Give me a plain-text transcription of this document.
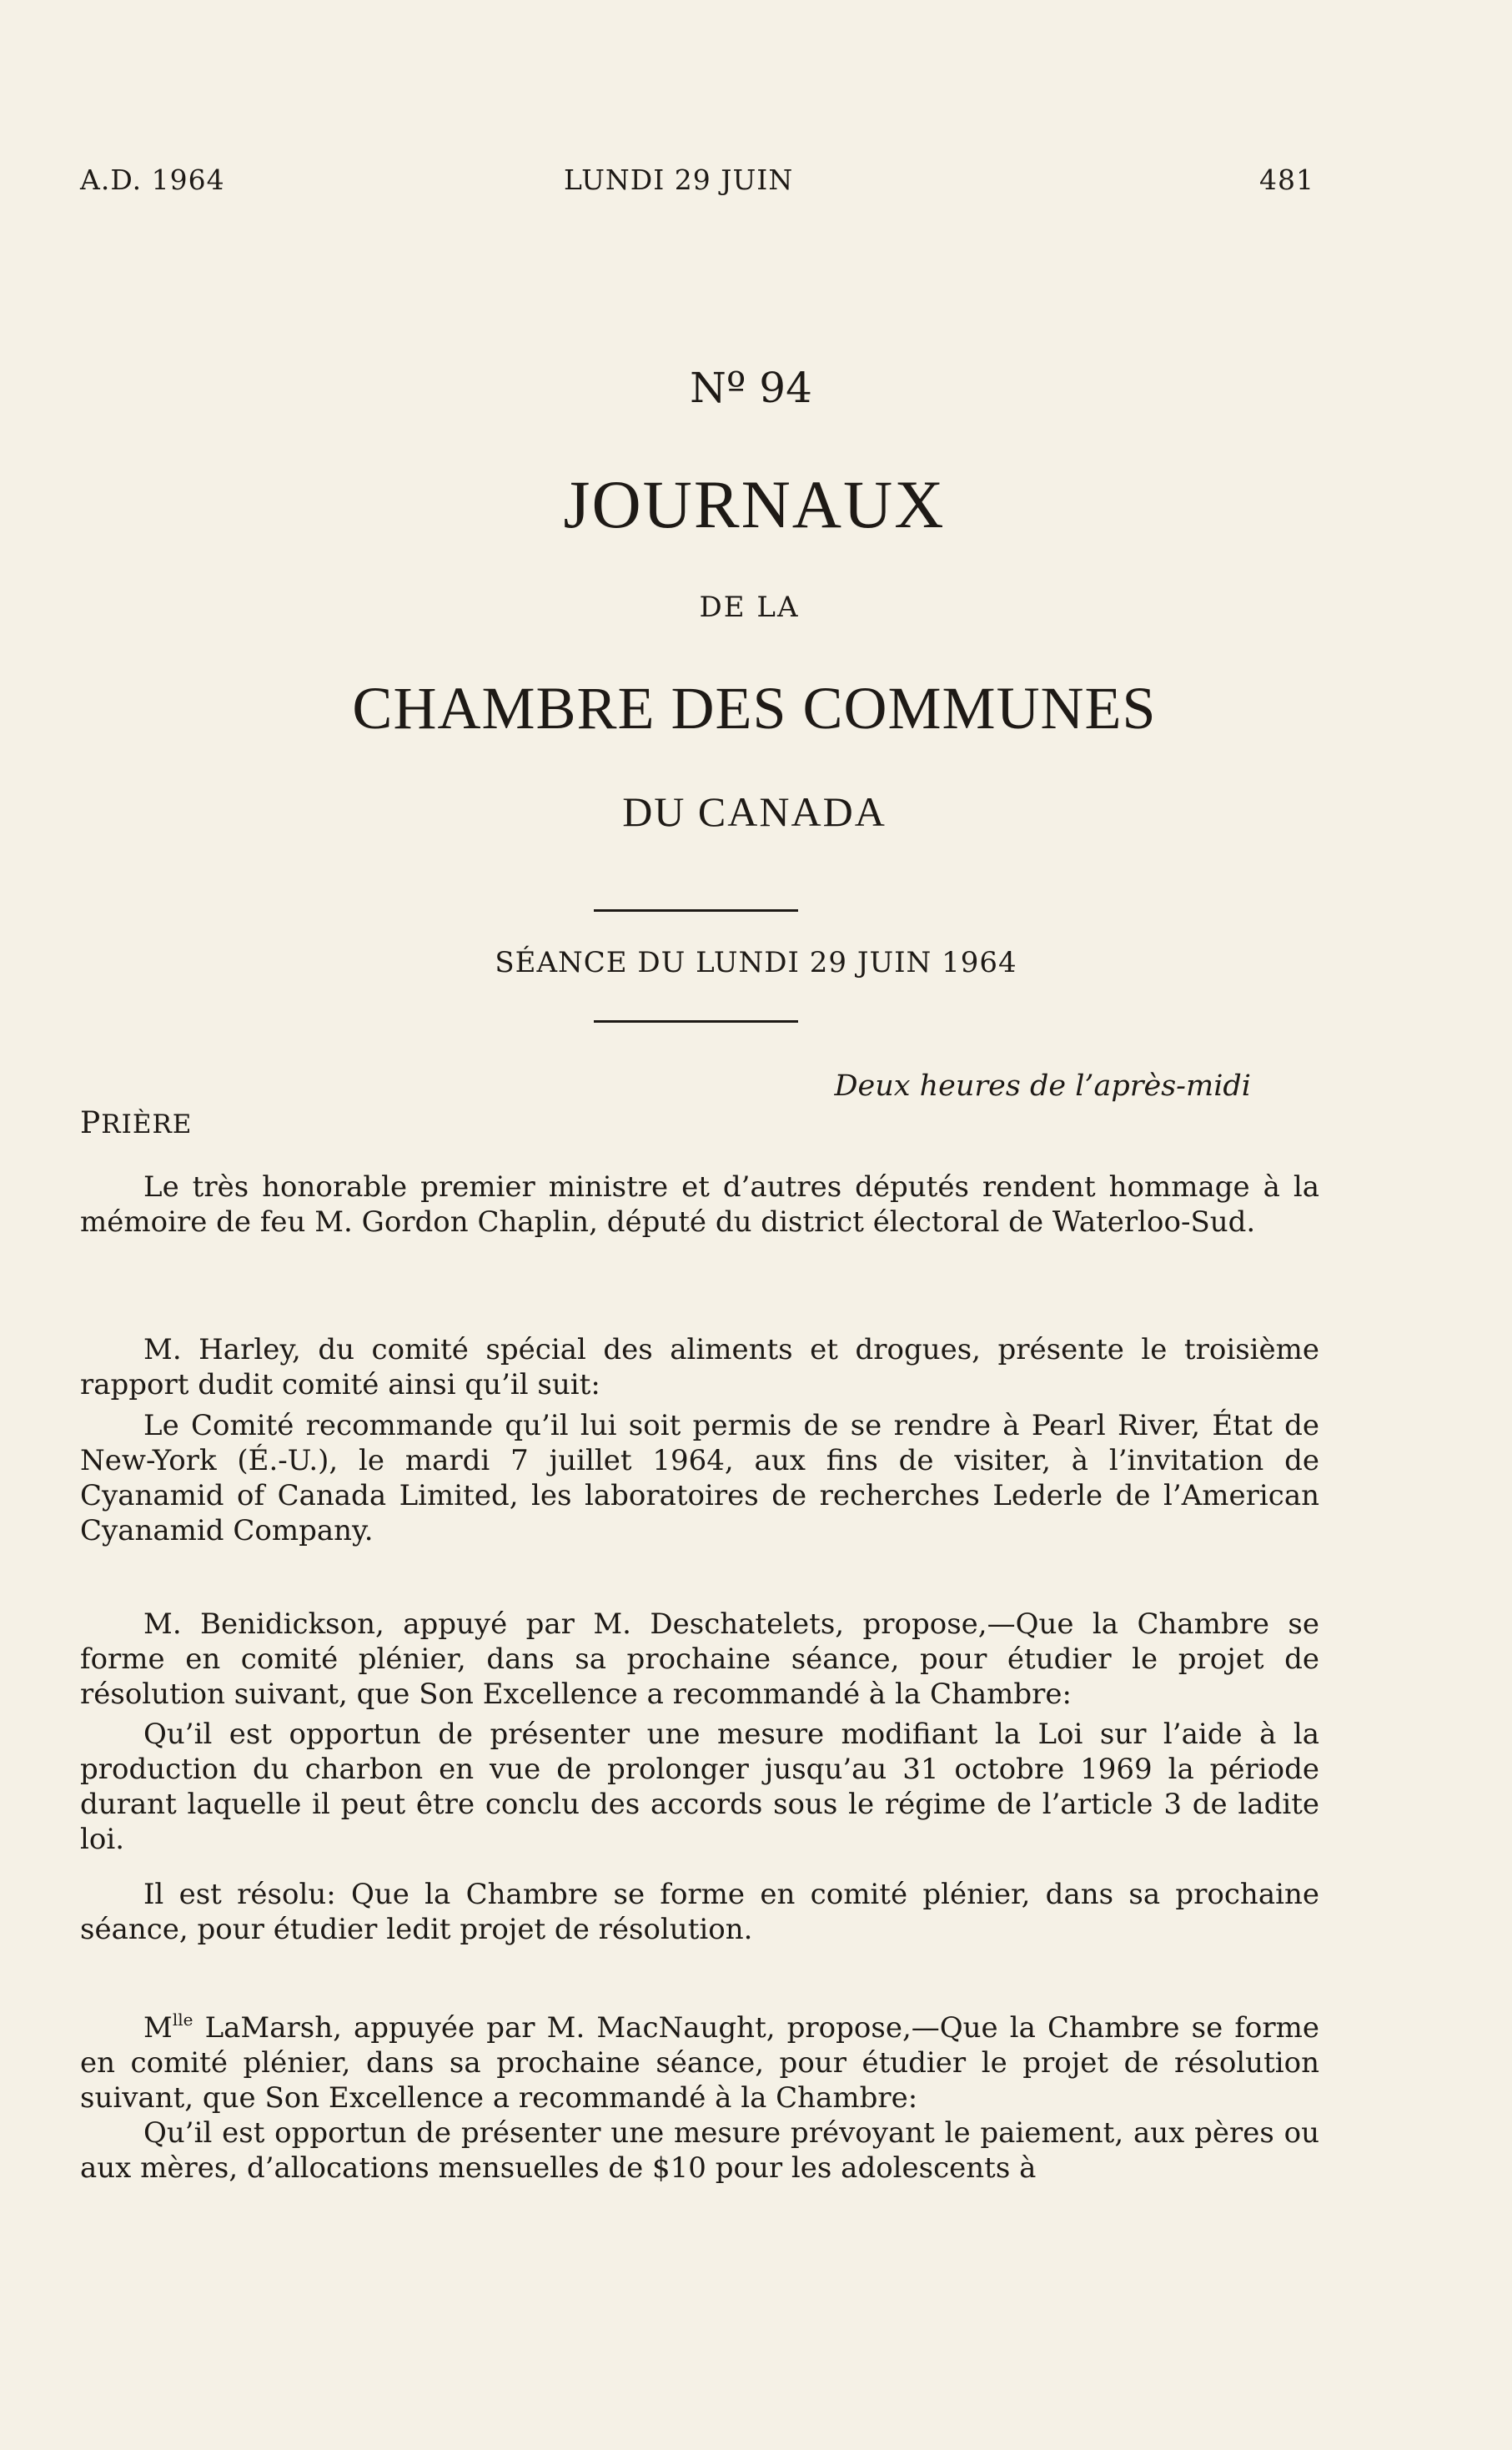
A.D. 1964	LUNDI 29 JUIN	481
Nº 94
JOURNAUX
DE LA
CHAMBRE DES COMMUNES
DU CANADA
SÉANCE DU LUNDI 29 JUIN 1964
Deux heures de l’après-midi
PRIÈRE
Le très honorable premier ministre et d’autres députés rendent hommage à la mémoire de feu M. Gordon Chaplin, député du district électoral de Waterloo-Sud.
M. Harley, du comité spécial des aliments et drogues, présente le troisième rapport dudit comité ainsi qu’il suit:
Le Comité recommande qu’il lui soit permis de se rendre à Pearl River, État de New-York (É.-U.), le mardi 7 juillet 1964, aux fins de visiter, à l’invitation de Cyanamid of Canada Limited, les laboratoires de recherches Lederle de l’American Cyanamid Company.
M. Benidickson, appuyé par M. Deschatelets, propose,—Que la Chambre se forme en comité plénier, dans sa prochaine séance, pour étudier le projet de résolution suivant, que Son Excellence a recommandé à la Chambre:
Qu’il est opportun de présenter une mesure modifiant la Loi sur l’aide à la production du charbon en vue de prolonger jusqu’au 31 octobre 1969 la période durant laquelle il peut être conclu des accords sous le régime de l’article 3 de ladite loi.
Il est résolu: Que la Chambre se forme en comité plénier, dans sa prochaine séance, pour étudier ledit projet de résolution.
$M^{lle}$ LaMarsh, appuyée par M. MacNaught, propose,—Que la Chambre se forme en comité plénier, dans sa prochaine séance, pour étudier le projet de résolution suivant, que Son Excellence a recommandé à la Chambre:
Qu’il est opportun de présenter une mesure prévoyant le paiement, aux pères ou aux mères, d’allocations mensuelles de $10 pour les adolescents à
